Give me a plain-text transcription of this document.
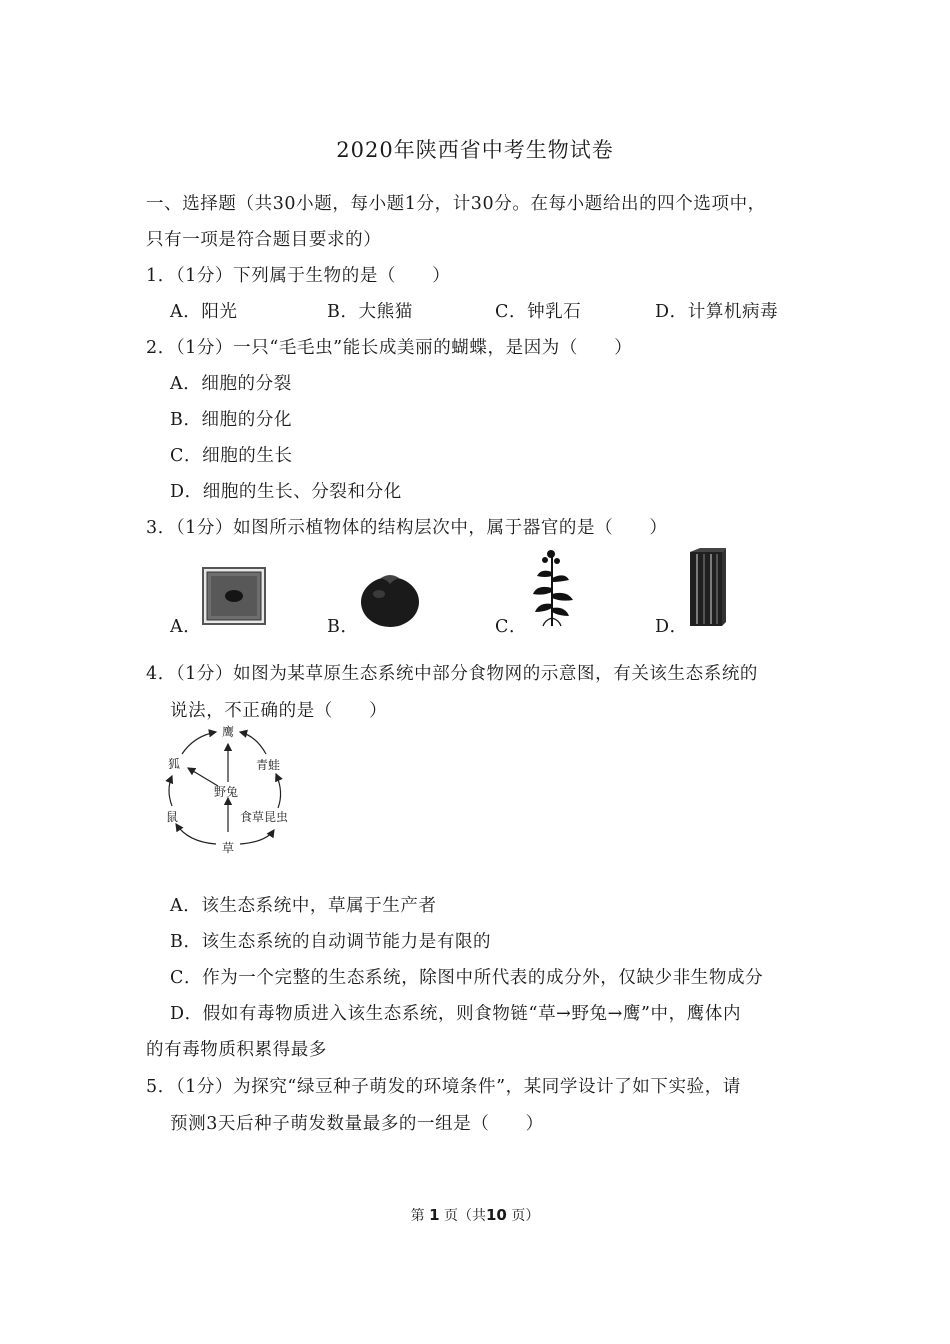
2020年陕西省中考生物试卷
一、选择题（共30小题，每小题1分，计30分。在每小题给出的四个选项中，
只有一项是符合题目要求的）
1．（1分）下列属于生物的是（　　）
A．阳光	B．大熊猫	C．钟乳石	D．计算机病毒
2．（1分）一只“毛毛虫”能长成美丽的蝴蝶，是因为（　　）
A．细胞的分裂
B．细胞的分化
C．细胞的生长
D．细胞的生长、分裂和分化
3．（1分）如图所示植物体的结构层次中，属于器官的是（　　）
A．	B．	C．	D．
4．（1分）如图为某草原生态系统中部分食物网的示意图，有关该生态系统的
说法，不正确的是（　　）
鹰
狐	青蛙
野兔
鼠	食草昆虫
草
A．该生态系统中，草属于生产者
B．该生态系统的自动调节能力是有限的
C．作为一个完整的生态系统，除图中所代表的成分外，仅缺少非生物成分
D．假如有毒物质进入该生态系统，则食物链“草→野兔→鹰”中，鹰体内
的有毒物质积累得最多
5．（1分）为探究“绿豆种子萌发的环境条件”，某同学设计了如下实验，请
预测3天后种子萌发数量最多的一组是（　　）
第 1 页（共10 页）
